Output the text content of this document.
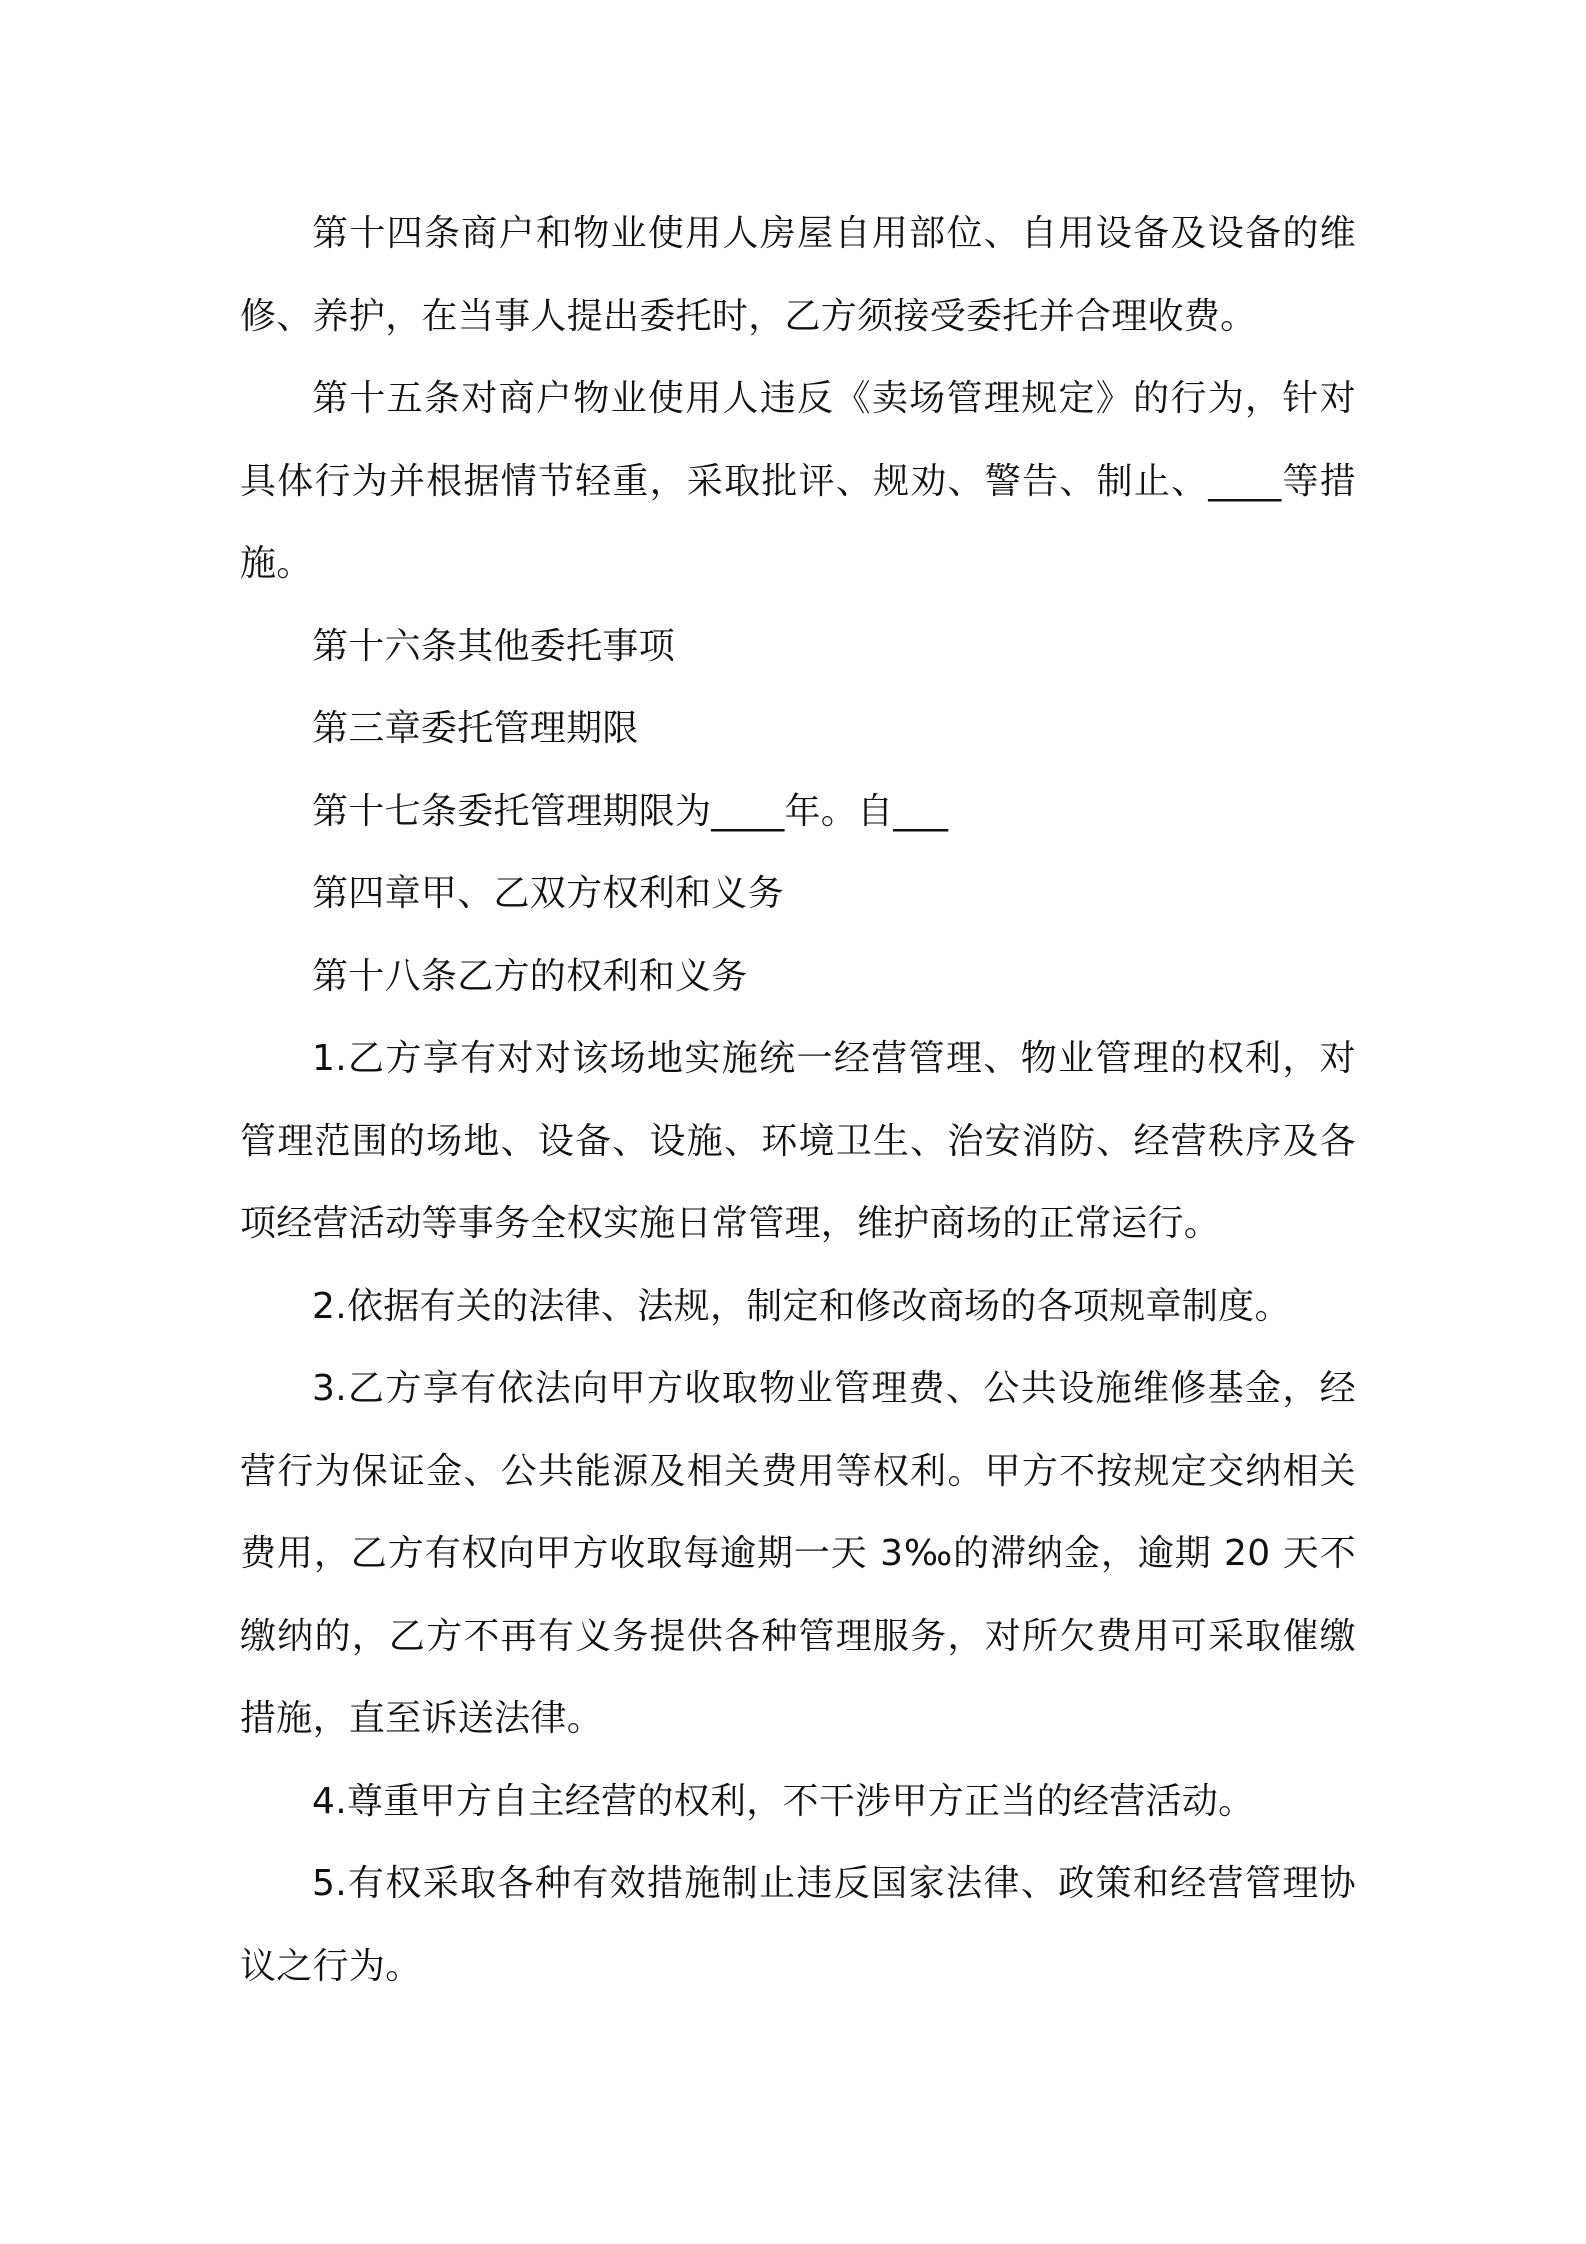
第十四条商户和物业使用人房屋自用部位、自用设备及设备的维修、养护，在当事人提出委托时，乙方须接受委托并合理收费。

第十五条对商户物业使用人违反《卖场管理规定》的行为，针对具体行为并根据情节轻重，采取批评、规劝、警告、制止、____等措施。

第十六条其他委托事项

第三章委托管理期限

第十七条委托管理期限为____年。自___

第四章甲、乙双方权利和义务

第十八条乙方的权利和义务

1.乙方享有对对该场地实施统一经营管理、物业管理的权利，对管理范围的场地、设备、设施、环境卫生、治安消防、经营秩序及各项经营活动等事务全权实施日常管理，维护商场的正常运行。

2.依据有关的法律、法规，制定和修改商场的各项规章制度。

3.乙方享有依法向甲方收取物业管理费、公共设施维修基金，经营行为保证金、公共能源及相关费用等权利。甲方不按规定交纳相关费用，乙方有权向甲方收取每逾期一天 3‰的滞纳金，逾期 20 天不缴纳的，乙方不再有义务提供各种管理服务，对所欠费用可采取催缴措施，直至诉送法律。

4.尊重甲方自主经营的权利，不干涉甲方正当的经营活动。

5.有权采取各种有效措施制止违反国家法律、政策和经营管理协议之行为。
